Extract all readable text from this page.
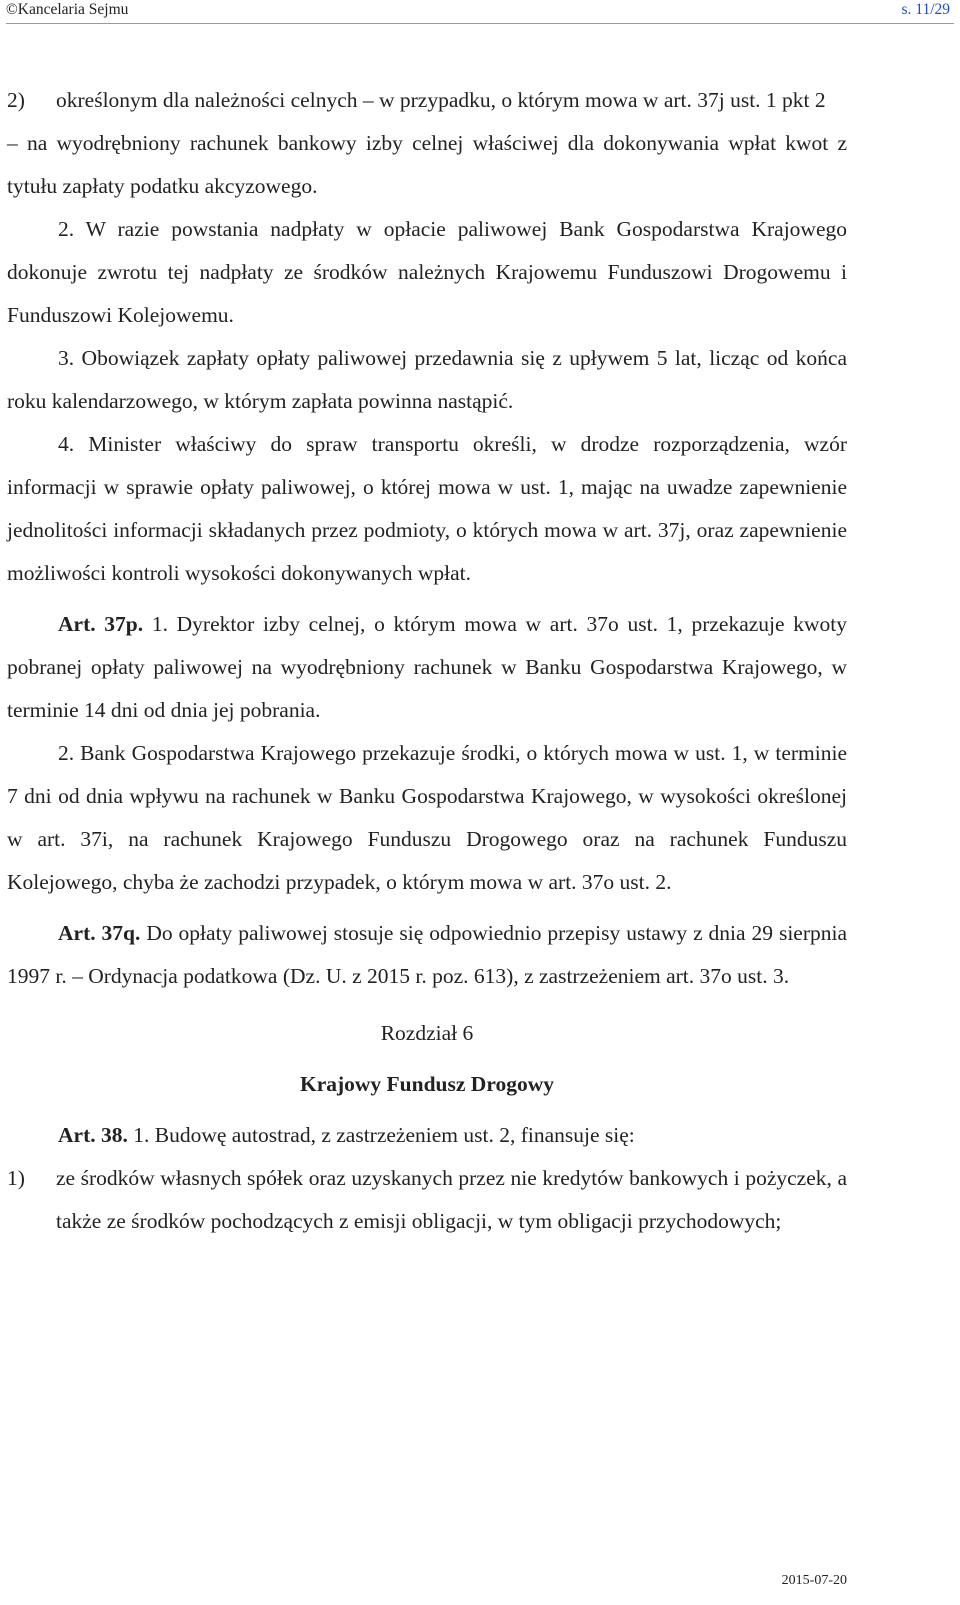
©Kancelaria Sejmu	s. 11/29

2) określonym dla należności celnych – w przypadku, o którym mowa w art. 37j ust. 1 pkt 2

– na wyodrębniony rachunek bankowy izby celnej właściwej dla dokonywania wpłat kwot z tytułu zapłaty podatku akcyzowego.

2. W razie powstania nadpłaty w opłacie paliwowej Bank Gospodarstwa Krajowego dokonuje zwrotu tej nadpłaty ze środków należnych Krajowemu Funduszowi Drogowemu i Funduszowi Kolejowemu.

3. Obowiązek zapłaty opłaty paliwowej przedawnia się z upływem 5 lat, licząc od końca roku kalendarzowego, w którym zapłata powinna nastąpić.

4. Minister właściwy do spraw transportu określi, w drodze rozporządzenia, wzór informacji w sprawie opłaty paliwowej, o której mowa w ust. 1, mając na uwadze zapewnienie jednolitości informacji składanych przez podmioty, o których mowa w art. 37j, oraz zapewnienie możliwości kontroli wysokości dokonywanych wpłat.

Art. 37p. 1. Dyrektor izby celnej, o którym mowa w art. 37o ust. 1, przekazuje kwoty pobranej opłaty paliwowej na wyodrębniony rachunek w Banku Gospodarstwa Krajowego, w terminie 14 dni od dnia jej pobrania.

2. Bank Gospodarstwa Krajowego przekazuje środki, o których mowa w ust. 1, w terminie 7 dni od dnia wpływu na rachunek w Banku Gospodarstwa Krajowego, w wysokości określonej w art. 37i, na rachunek Krajowego Funduszu Drogowego oraz na rachunek Funduszu Kolejowego, chyba że zachodzi przypadek, o którym mowa w art. 37o ust. 2.

Art. 37q. Do opłaty paliwowej stosuje się odpowiednio przepisy ustawy z dnia 29 sierpnia 1997 r. – Ordynacja podatkowa (Dz. U. z 2015 r. poz. 613), z zastrzeżeniem art. 37o ust. 3.

Rozdział 6

Krajowy Fundusz Drogowy

Art. 38. 1. Budowę autostrad, z zastrzeżeniem ust. 2, finansuje się:

1) ze środków własnych spółek oraz uzyskanych przez nie kredytów bankowych i pożyczek, a także ze środków pochodzących z emisji obligacji, w tym obligacji przychodowych;

2015-07-20
